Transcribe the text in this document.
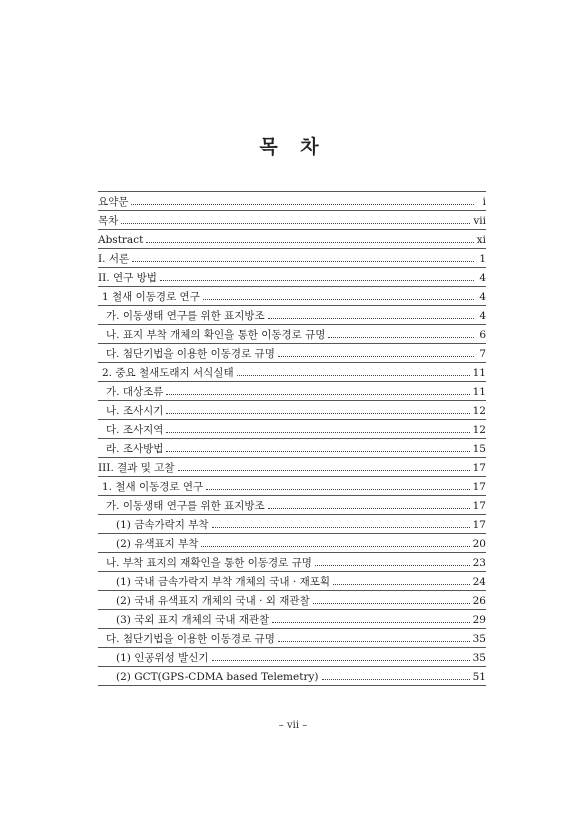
목 차
요약문	i
목차	vii
Abstract	xi
I. 서론	1
II. 연구 방법	4
1 철새 이동경로 연구	4
가. 이동생태 연구를 위한 표지방조	4
나. 표지 부착 개체의 확인을 통한 이동경로 규명	6
다. 첨단기법을 이용한 이동경로 규명	7
2. 중요 철새도래지 서식실태	11
가. 대상조류	11
나. 조사시기	12
다. 조사지역	12
라. 조사방법	15
III. 결과 및 고찰	17
1. 철새 이동경로 연구	17
가. 이동생태 연구를 위한 표지방조	17
(1) 금속가락지 부착	17
(2) 유색표지 부착	20
나. 부착 표지의 재확인을 통한 이동경로 규명	23
(1) 국내 금속가락지 부착 개체의 국내 · 재포획	24
(2) 국내 유색표지 개체의 국내 · 외 재관찰	26
(3) 국외 표지 개체의 국내 재관찰	29
다. 첨단기법을 이용한 이동경로 규명	35
(1) 인공위성 발신기	35
(2) GCT(GPS-CDMA based Telemetry)	51
– vii –
